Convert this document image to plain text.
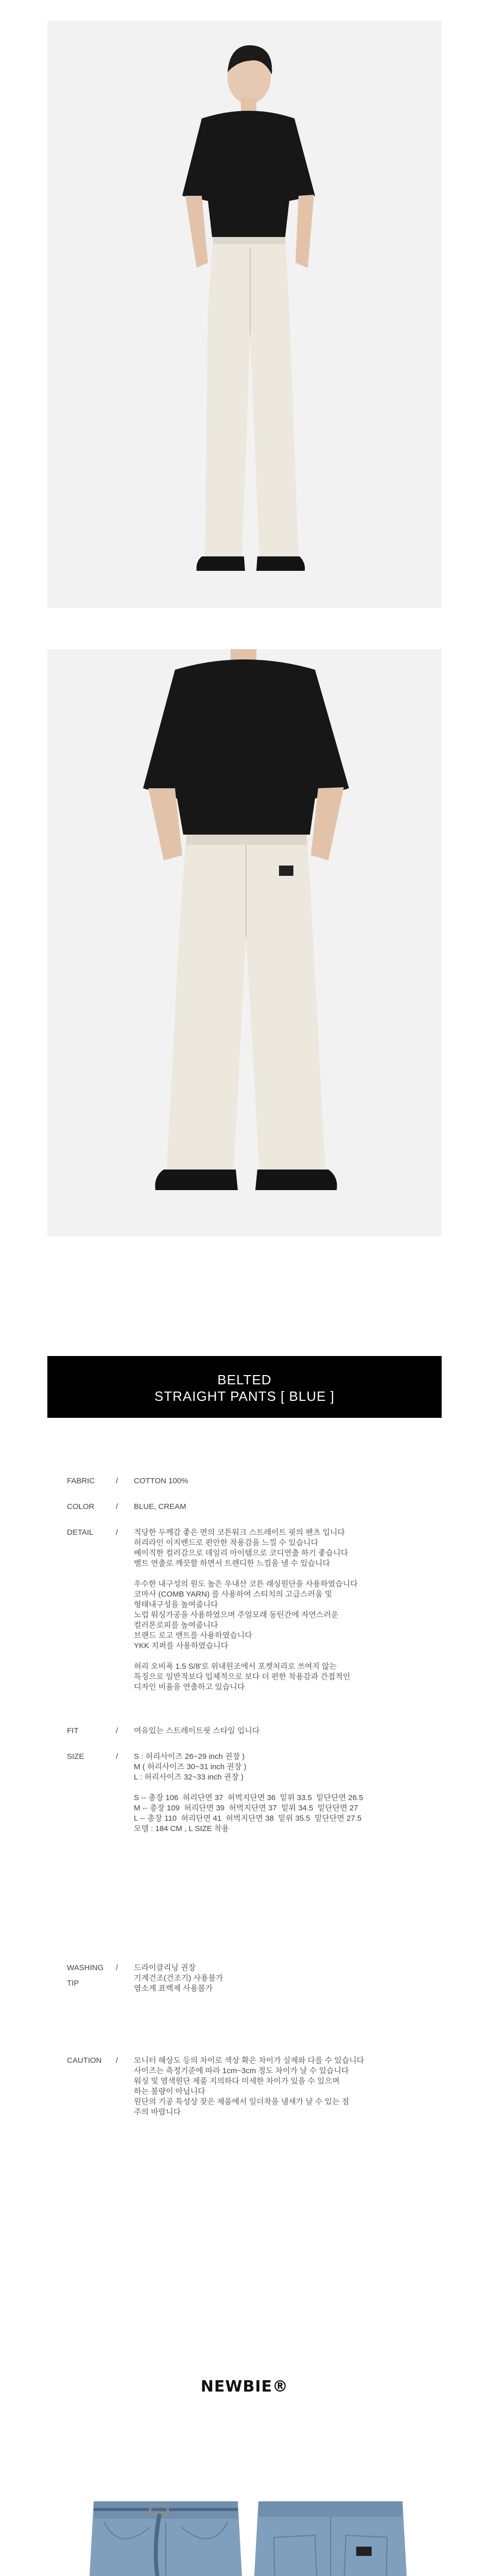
BELTED
STRAIGHT PANTS [ BLUE ]
FABRIC	/	COTTON 100%

COLOR	/	BLUE, CREAM

DETAIL	/	적당한 두께감 좋은 면의 코튼워크 스트레이트 핏의 팬츠 입니다

허리라인 이지밴드로 편안한 착용감을 느낄 수 있습니다

베이직한 컬러감으로 데일리 아이템으로 코디연출 하기 좋습니다

벨트 연출로 깨끗할 하면서 트렌디한 느낌을 낼 수 있습니다

우수한 내구성의 원도 높은 우내산 코튼 래싱원단을 사용하였습니다

코마사 (COMB YARN) 를 사용하여 스티치의 고급스러움 및

형태내구성을 높여줍니다

노럽 워싱가공을 사용하였으며 주얼모래 동틴간에 자연스러운

컬러톤로피를 높여줍니다

브랜드 로고 엔트를 사용하였습니다

YKK 지퍼를 사용하였습니다

허리 오비폭 1.5 S/8'로 위내원조에서 포켓처리로 쓰여지 않는

특징으로 일반적보다 입체적으로 보다 더 편한 착용감과 간접적인

디자인 비율을 연출하고 있습니다

FIT	/	여유있는 스트레이트핏 스타일 입니다

SIZE	/	S : 허리사이즈 26~29 inch 권장 )

M ( 허리사이즈 30~31 inch 권장 )

L : 허리사이즈 32~33 inch 권장 )

S -- 총장 106  허리단면 37  허벅지단면 36  밑위 33.5  밑단단면 26.5

M -- 총장 109  허리단면 39  허벅지단면 37  밑위 34.5  밑단단면 27

L -- 총장 110  허리단면 41  허벅지단면 38  밑위 35.5  밑단단면 27.5

모델 : 184 CM , L SIZE 착용

WASHING	/	드라이클리닝 권장

기계건조(건조기) 사용불가

염소계 표백제 사용불가

TIP
CAUTION	/	모니터 해상도 등의 차이로 색상 확은 차이가 실제와 다를 수 있습니다

사이즈는 측정기준에 따라 1cm~3cm 정도 차이가 날 수 있습니다

워싱 및 염색원단 제품 지의하다 미세한 차이가 있을 수 있으며

하는 불량이 아닙니다

원단의 기공 특성상 잦은 제품에서 일더착을 냄새가 날 수 있는 점

주의 바랍니다

NEWBIE®
